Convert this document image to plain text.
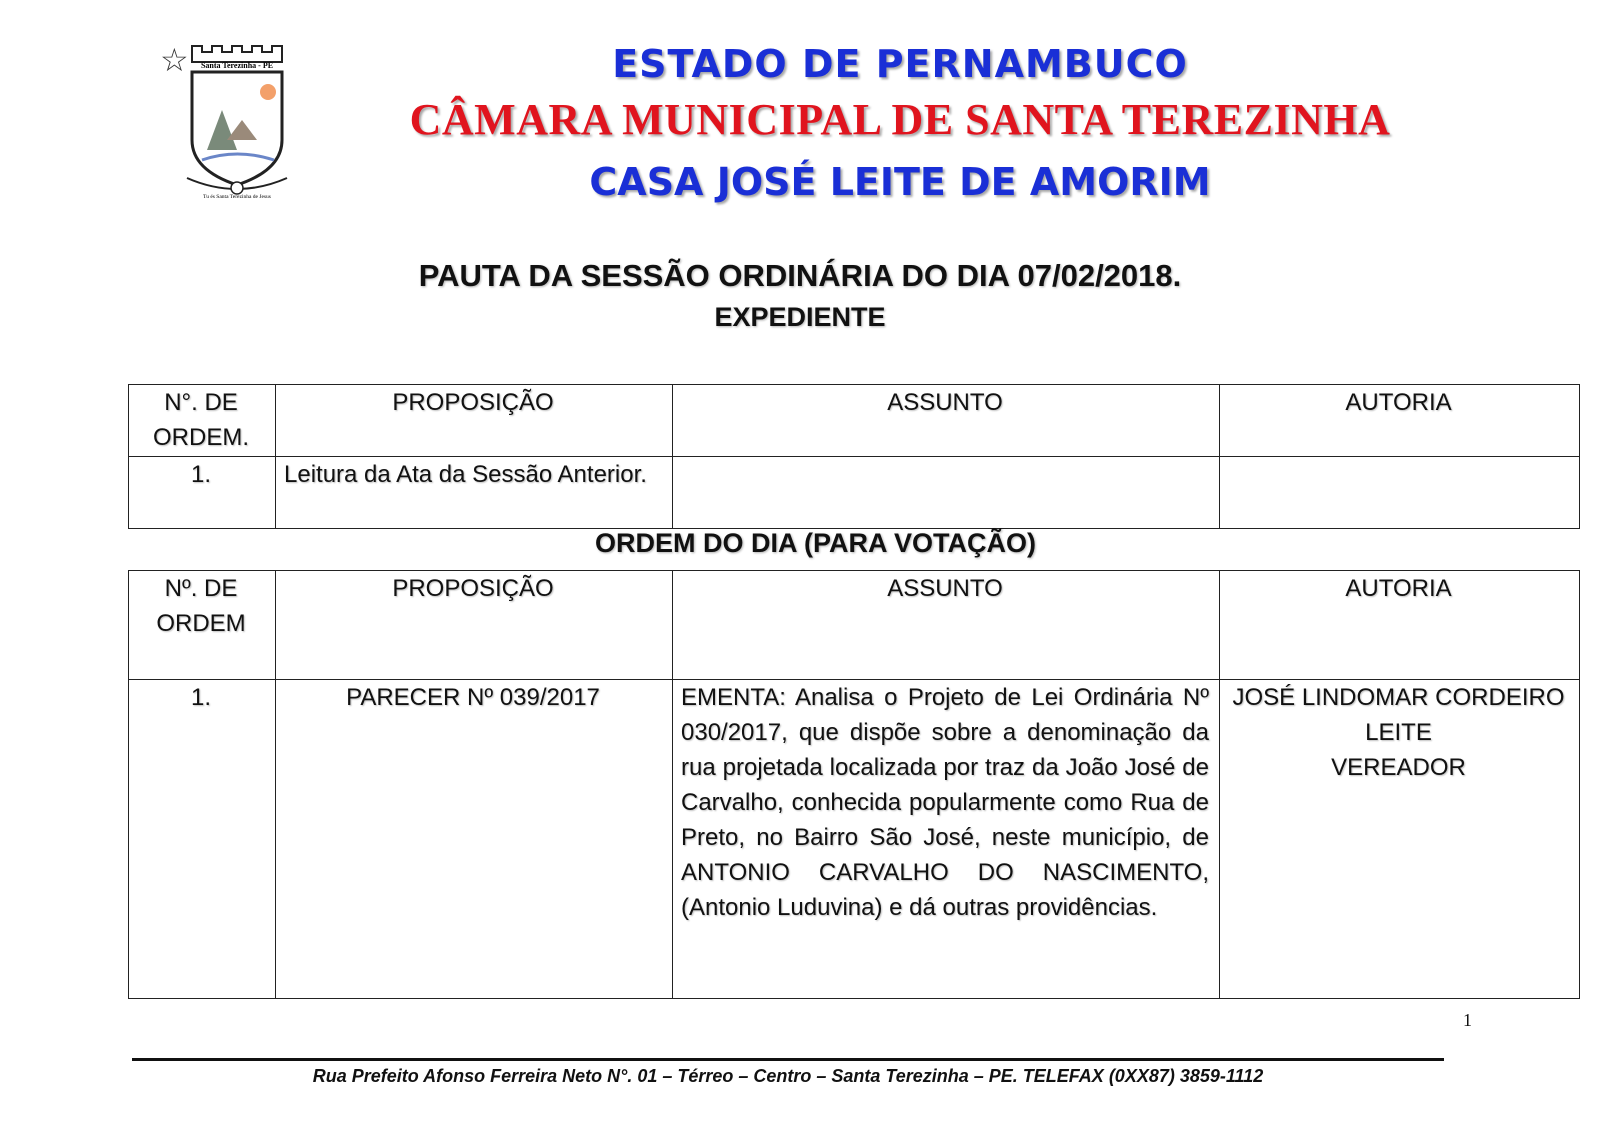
☆ Santa Terezinha - PE
Tu és Santa Terezinha de Jesus
ESTADO DE PERNAMBUCO
CÂMARA MUNICIPAL DE SANTA TEREZINHA
CASA JOSÉ LEITE DE AMORIM
PAUTA DA SESSÃO ORDINÁRIA DO DIA 07/02/2018.
EXPEDIENTE
N°. DE ORDEM.	PROPOSIÇÃO	ASSUNTO	AUTORIA
1.	Leitura da Ata da Sessão Anterior.		
ORDEM DO DIA (PARA VOTAÇÃO)
Nº. DE ORDEM	PROPOSIÇÃO	ASSUNTO	AUTORIA
1.	PARECER Nº 039/2017	EMENTA: Analisa o Projeto de Lei Ordinária Nº 030/2017, que dispõe sobre a denominação da rua projetada localizada por traz da João José de Carvalho, conhecida popularmente como Rua de Preto, no Bairro São José, neste município, de ANTONIO CARVALHO DO NASCIMENTO, (Antonio Luduvina) e dá outras providências.	JOSÉ LINDOMAR CORDEIRO LEITE
VEREADOR
1
Rua Prefeito Afonso Ferreira Neto N°. 01 – Térreo – Centro – Santa Terezinha – PE. TELEFAX (0XX87) 3859-1112
